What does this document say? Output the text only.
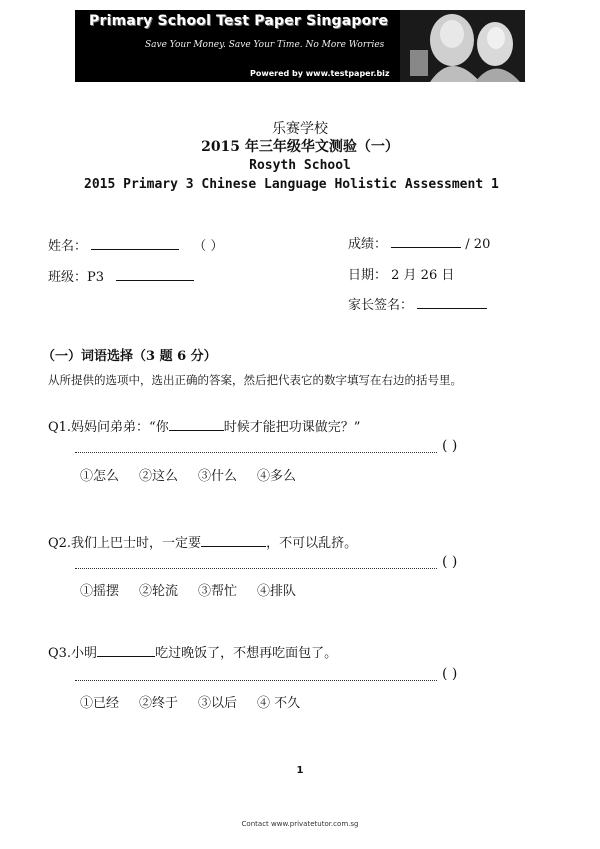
Primary School Test Paper Singapore
Save Your Money. Save Your Time. No More Worries
Powered by www.testpaper.biz
乐赛学校
2015 年三年级华文测验（一）
Rosyth School
2015 Primary 3 Chinese Language Holistic Assessment 1
姓名：	（ ）
班级：P3
成绩：	/ 20
日期： 2 月 26 日
家长签名：
（一）词语选择（3 题 6 分）
从所提供的选项中，选出正确的答案，然后把代表它的数字填写在右边的括号里。
Q1.妈妈问弟弟：“你	时候才能把功课做完？”
( )
①怎么 ②这么 ③什么 ④多么
Q2.我们上巴士时，一定要	，不可以乱挤。
( )
①摇摆 ②轮流 ③帮忙 ④排队
Q3.小明	吃过晚饭了，不想再吃面包了。
( )
①已经 ②终于 ③以后 ④ 不久
1
Contact www.privatetutor.com.sg
